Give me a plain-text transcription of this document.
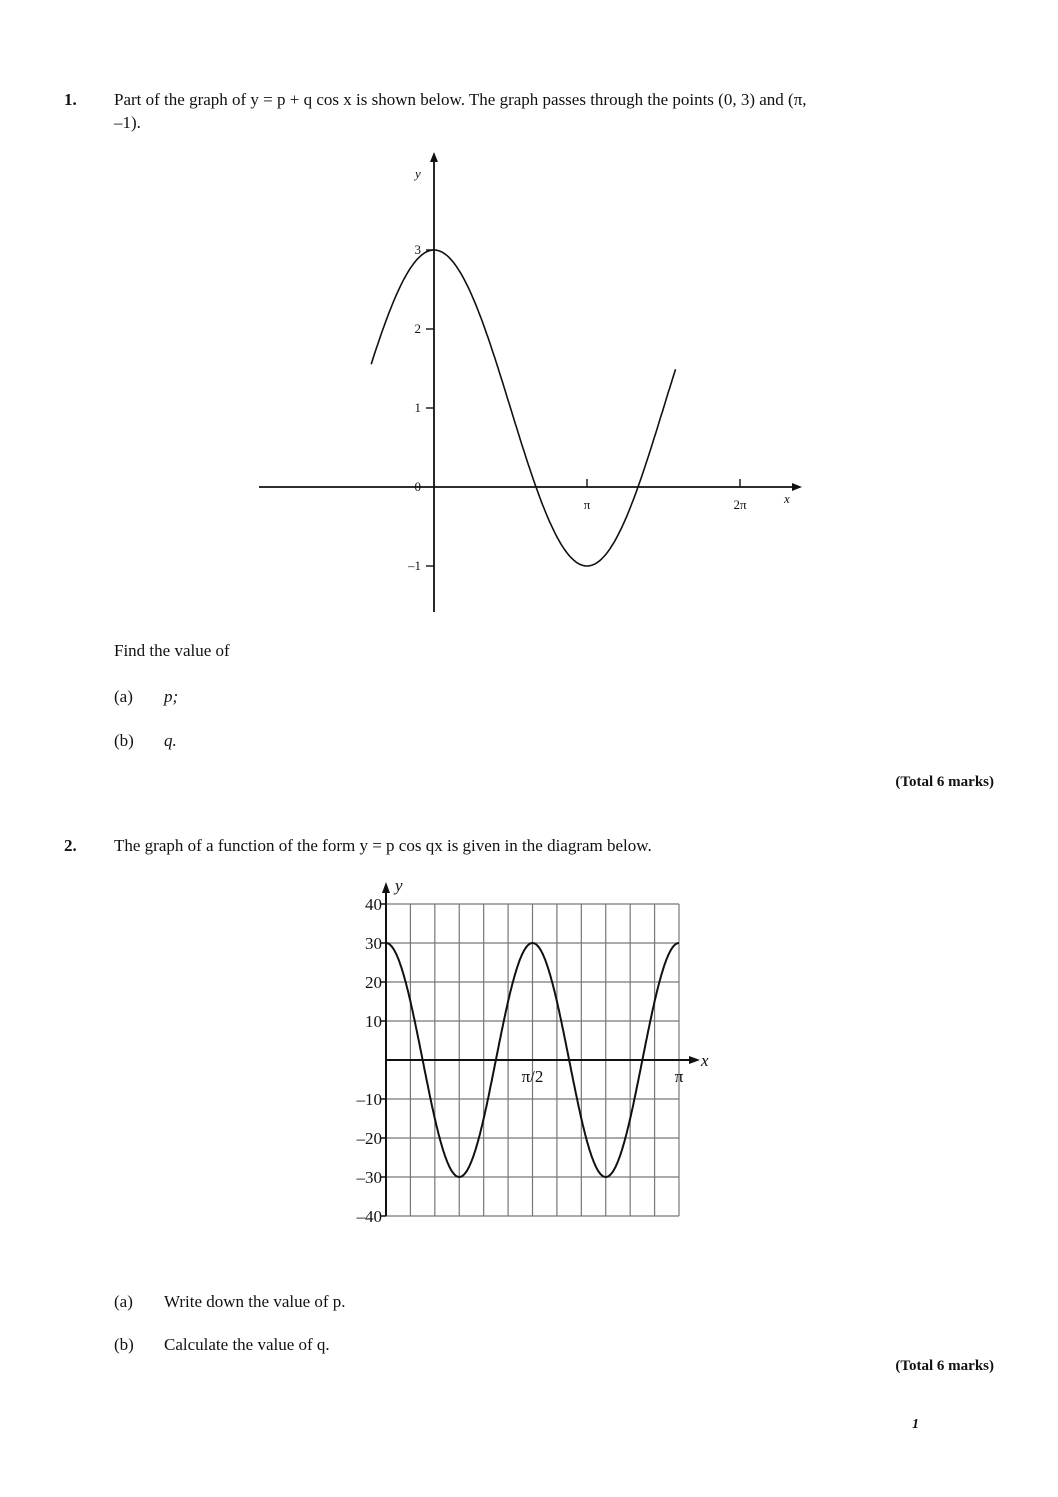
1. Part of the graph of y = p + q cos x is shown below. The graph passes through the points (0, 3) and (π,
–1).
x
y
3
2
1
0
–1
π	2π
Find the value of
(a) p;
(b) q.
(Total 6 marks)
2. The graph of a function of the form y = p cos qx is given in the diagram below.
x
y
40
30
20
10
–10
–20
–30
–40
π/2	π
(a) Write down the value of p.
(b) Calculate the value of q.
(Total 6 marks)
1
